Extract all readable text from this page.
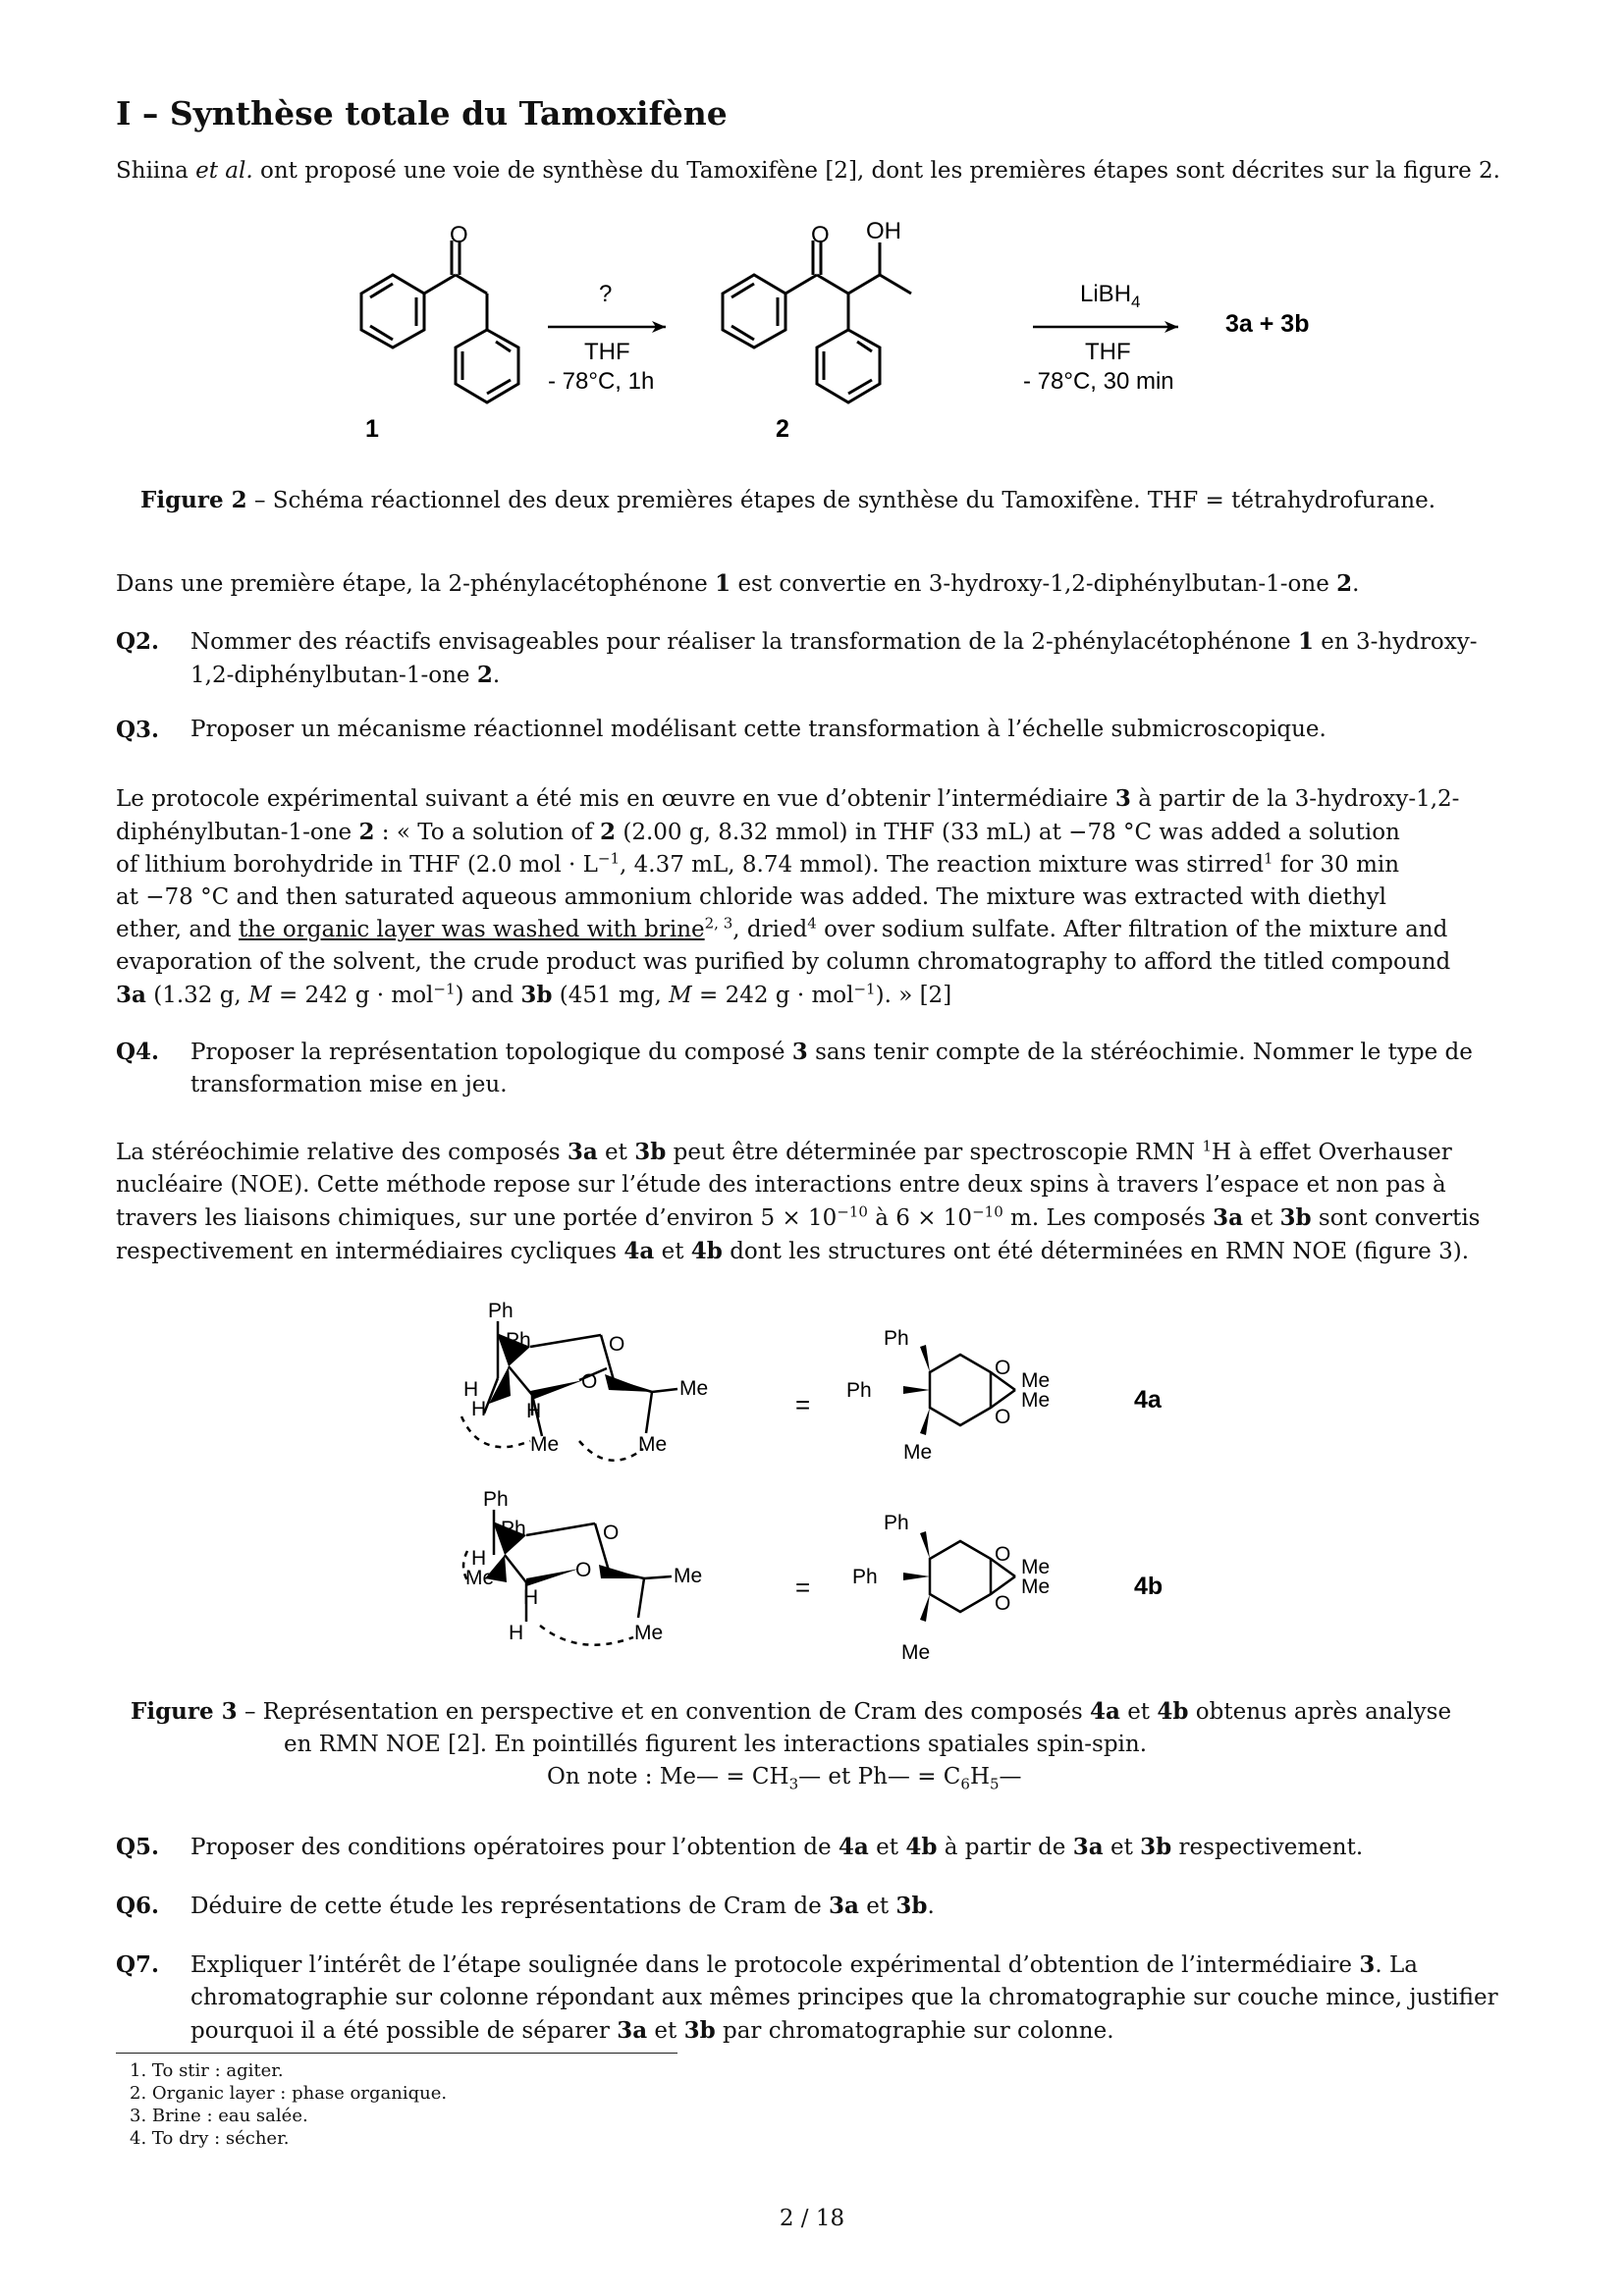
I – Synthèse totale du Tamoxifène
Shiina et al. ont proposé une voie de synthèse du Tamoxifène [2], dont les premières étapes sont décrites sur la figure 2.
O
1
?
THF
- 78°C, 1h
O OH
2
LiBH$_4$
THF
- 78°C, 30 min
3a + 3b
Figure 2 – Schéma réactionnel des deux premières étapes de synthèse du Tamoxifène. THF = tétrahydrofurane.
Dans une première étape, la 2-phénylacétophénone 1 est convertie en 3-hydroxy-1,2-diphénylbutan-1-one 2.
Q2. Nommer des réactifs envisageables pour réaliser la transformation de la 2-phénylacétophénone 1 en 3-hydroxy-
1,2-diphénylbutan-1-one 2.
Q3. Proposer un mécanisme réactionnel modélisant cette transformation à l’échelle submicroscopique.
Le protocole expérimental suivant a été mis en œuvre en vue d’obtenir l’intermédiaire 3 à partir de la 3-hydroxy-1,2-
diphénylbutan-1-one 2 : « To a solution of 2 (2.00 g, 8.32 mmol) in THF (33 mL) at −78 °C was added a solution
of lithium borohydride in THF (2.0 mol · $L^{-1}$, 4.37 mL, 8.74 mmol). The reaction mixture was stirred$^1$ for 30 min
at −78 °C and then saturated aqueous ammonium chloride was added. The mixture was extracted with diethyl
ether, and the organic layer was washed with brine$^{2, 3}$, dried$^4$ over sodium sulfate. After filtration of the mixture and
evaporation of the solvent, the crude product was purified by column chromatography to afford the titled compound
3a (1.32 g, M = 242 g · mol$^{-1}$) and 3b (451 mg, M = 242 g · mol$^{-1}$). » [2]
Q4. Proposer la représentation topologique du composé 3 sans tenir compte de la stéréochimie. Nommer le type de
transformation mise en jeu.
La stéréochimie relative des composés 3a et 3b peut être déterminée par spectroscopie RMN $^1$H à effet Overhauser
nucléaire (NOE). Cette méthode repose sur l’étude des interactions entre deux spins à travers l’espace et non pas à
travers les liaisons chimiques, sur une portée d’environ $5 \times 10^{-10}$ à $6 \times 10^{-10}$ m. Les composés 3a et 3b sont convertis
respectivement en intermédiaires cycliques 4a et 4b dont les structures ont été déterminées en RMN NOE (figure 3).
Ph
Ph	O
O
H
H H
Me
Me	Me
=
Ph
Ph
O
O
Me
Me
Me
4a
Ph
Ph	O
O
H
Me
H
H
Me
Me
=
Ph
Ph
O
O
Me
Me
Me
4b
Figure 3 – Représentation en perspective et en convention de Cram des composés 4a et 4b obtenus après analyse
en RMN NOE [2]. En pointillés figurent les interactions spatiales spin-spin.
On note : Me— = $CH_3—$ et Ph— = $C_6H_5—$
Q5. Proposer des conditions opératoires pour l’obtention de 4a et 4b à partir de 3a et 3b respectivement.
Q6. Déduire de cette étude les représentations de Cram de 3a et 3b.
Q7. Expliquer l’intérêt de l’étape soulignée dans le protocole expérimental d’obtention de l’intermédiaire 3. La
chromatographie sur colonne répondant aux mêmes principes que la chromatographie sur couche mince, justifier
pourquoi il a été possible de séparer 3a et 3b par chromatographie sur colonne.
1. To stir : agiter.
2. Organic layer : phase organique.
3. Brine : eau salée.
4. To dry : sécher.
2 / 18
